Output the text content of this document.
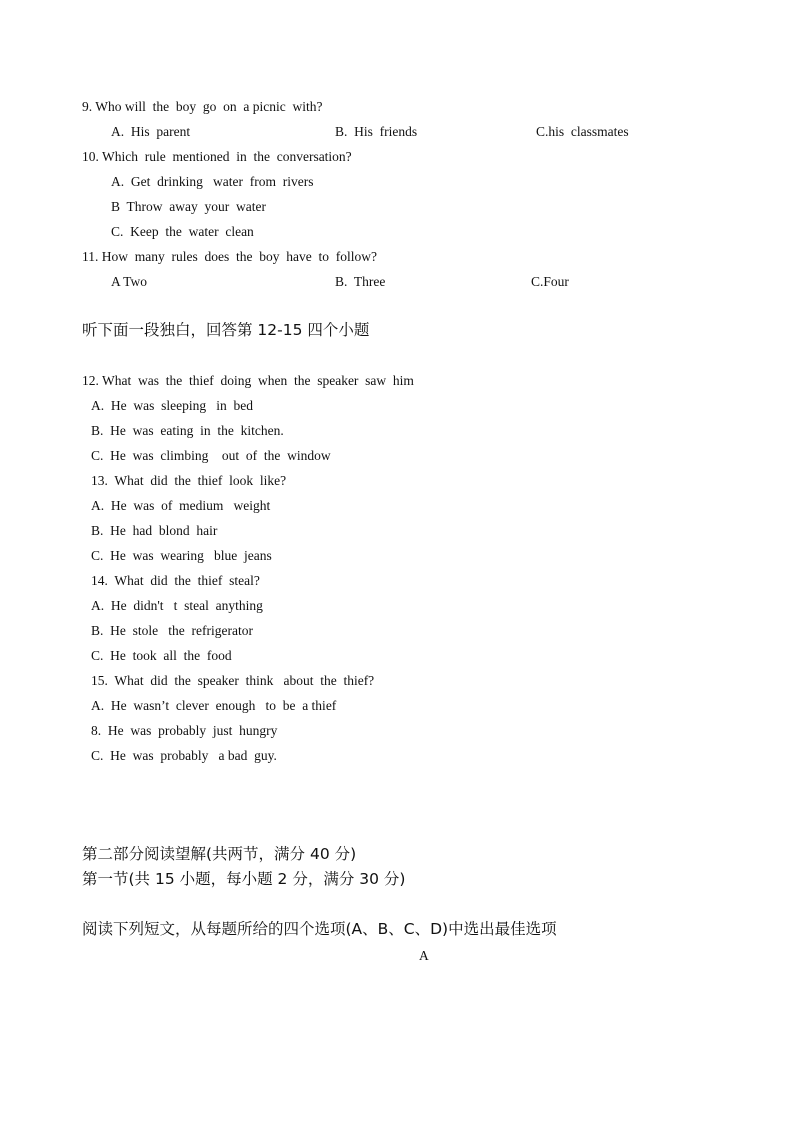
9. Who will  the  boy  go  on  a picnic  with?
A.  His  parent	B.  His  friends	C.his  classmates
10. Which  rule  mentioned  in  the  conversation?
A.  Get  drinking   water  from  rivers
B  Throw  away  your  water
C.  Keep  the  water  clean
11. How  many  rules  does  the  boy  have  to  follow?
A Two	B.  Three	C.Four
听下面一段独白，回答第 12-15 四个小题
12. What  was  the  thief  doing  when  the  speaker  saw  him
A.  He  was  sleeping   in  bed
B.  He  was  eating  in  the  kitchen.
C.  He  was  climbing    out  of  the  window
13.  What  did  the  thief  look  like?
A.  He  was  of  medium   weight
B.  He  had  blond  hair
C.  He  was  wearing   blue  jeans
14.  What  did  the  thief  steal?
A.  He  didn't   t  steal  anything
B.  He  stole   the  refrigerator
C.  He  took  all  the  food
15.  What  did  the  speaker  think   about  the  thief?
A.  He  wasn’t  clever  enough   to  be  a thief
8.  He  was  probably  just  hungry
C.  He  was  probably   a bad  guy.
第二部分阅读望解(共两节，满分 40 分)
第一节(共 15 小题，每小题 2 分，满分 30 分)
阅读下列短文，从每题所给的四个选项(A、B、C、D)中选出最佳选项
A
